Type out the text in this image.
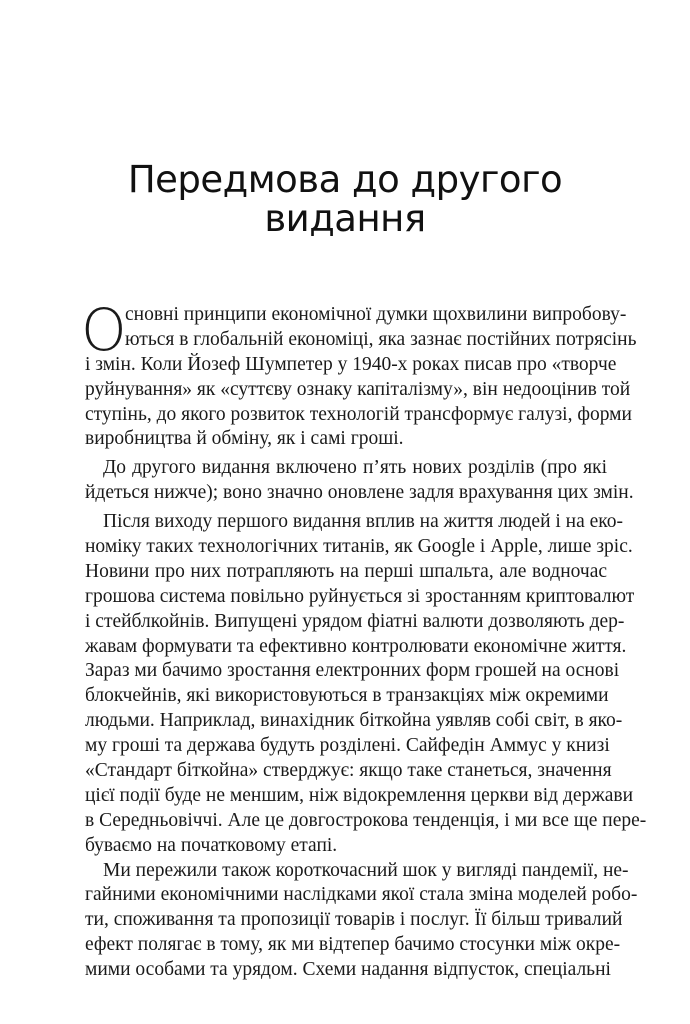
Передмова до другого
видання
О
сновні принципи економічної думки щохвилини випробову-
ються в глобальній економіці, яка зазнає постійних потрясінь
і змін. Коли Йозеф Шумпетер у 1940-х роках писав про «творче
руйнування» як «суттєву ознаку капіталізму», він недооцінив той
ступінь, до якого розвиток технологій трансформує галузі, форми
виробництва й обміну, як і самі гроші.
До другого видання включено п’ять нових розділів (про які
йдеться нижче); воно значно оновлене задля врахування цих змін.
Після виходу першого видання вплив на життя людей і на еко-
номіку таких технологічних титанів, як Google і Apple, лише зріс.
Новини про них потрапляють на перші шпальта, але водночас
грошова система повільно руйнується зі зростанням криптовалют
і стейблкойнів. Випущені урядом фіатні валюти дозволяють дер-
жавам формувати та ефективно контролювати економічне життя.
Зараз ми бачимо зростання електронних форм грошей на основі
блокчейнів, які використовуються в транзакціях між окремими
людьми. Наприклад, винахідник біткойна уявляв собі світ, в яко-
му гроші та держава будуть розділені. Сайфедін Аммус у книзі
«Стандарт біткойна» стверджує: якщо таке станеться, значення
цієї події буде не меншим, ніж відокремлення церкви від держави
в Середньовіччі. Але це довгострокова тенденція, і ми все ще пере-
буваємо на початковому етапі.
Ми пережили також короткочасний шок у вигляді пандемії, не-
гайними економічними наслідками якої стала зміна моделей робо-
ти, споживання та пропозиції товарів і послуг. Її більш тривалий
ефект полягає в тому, як ми відтепер бачимо стосунки між окре-
мими особами та урядом. Схеми надання відпусток, спеціальні
